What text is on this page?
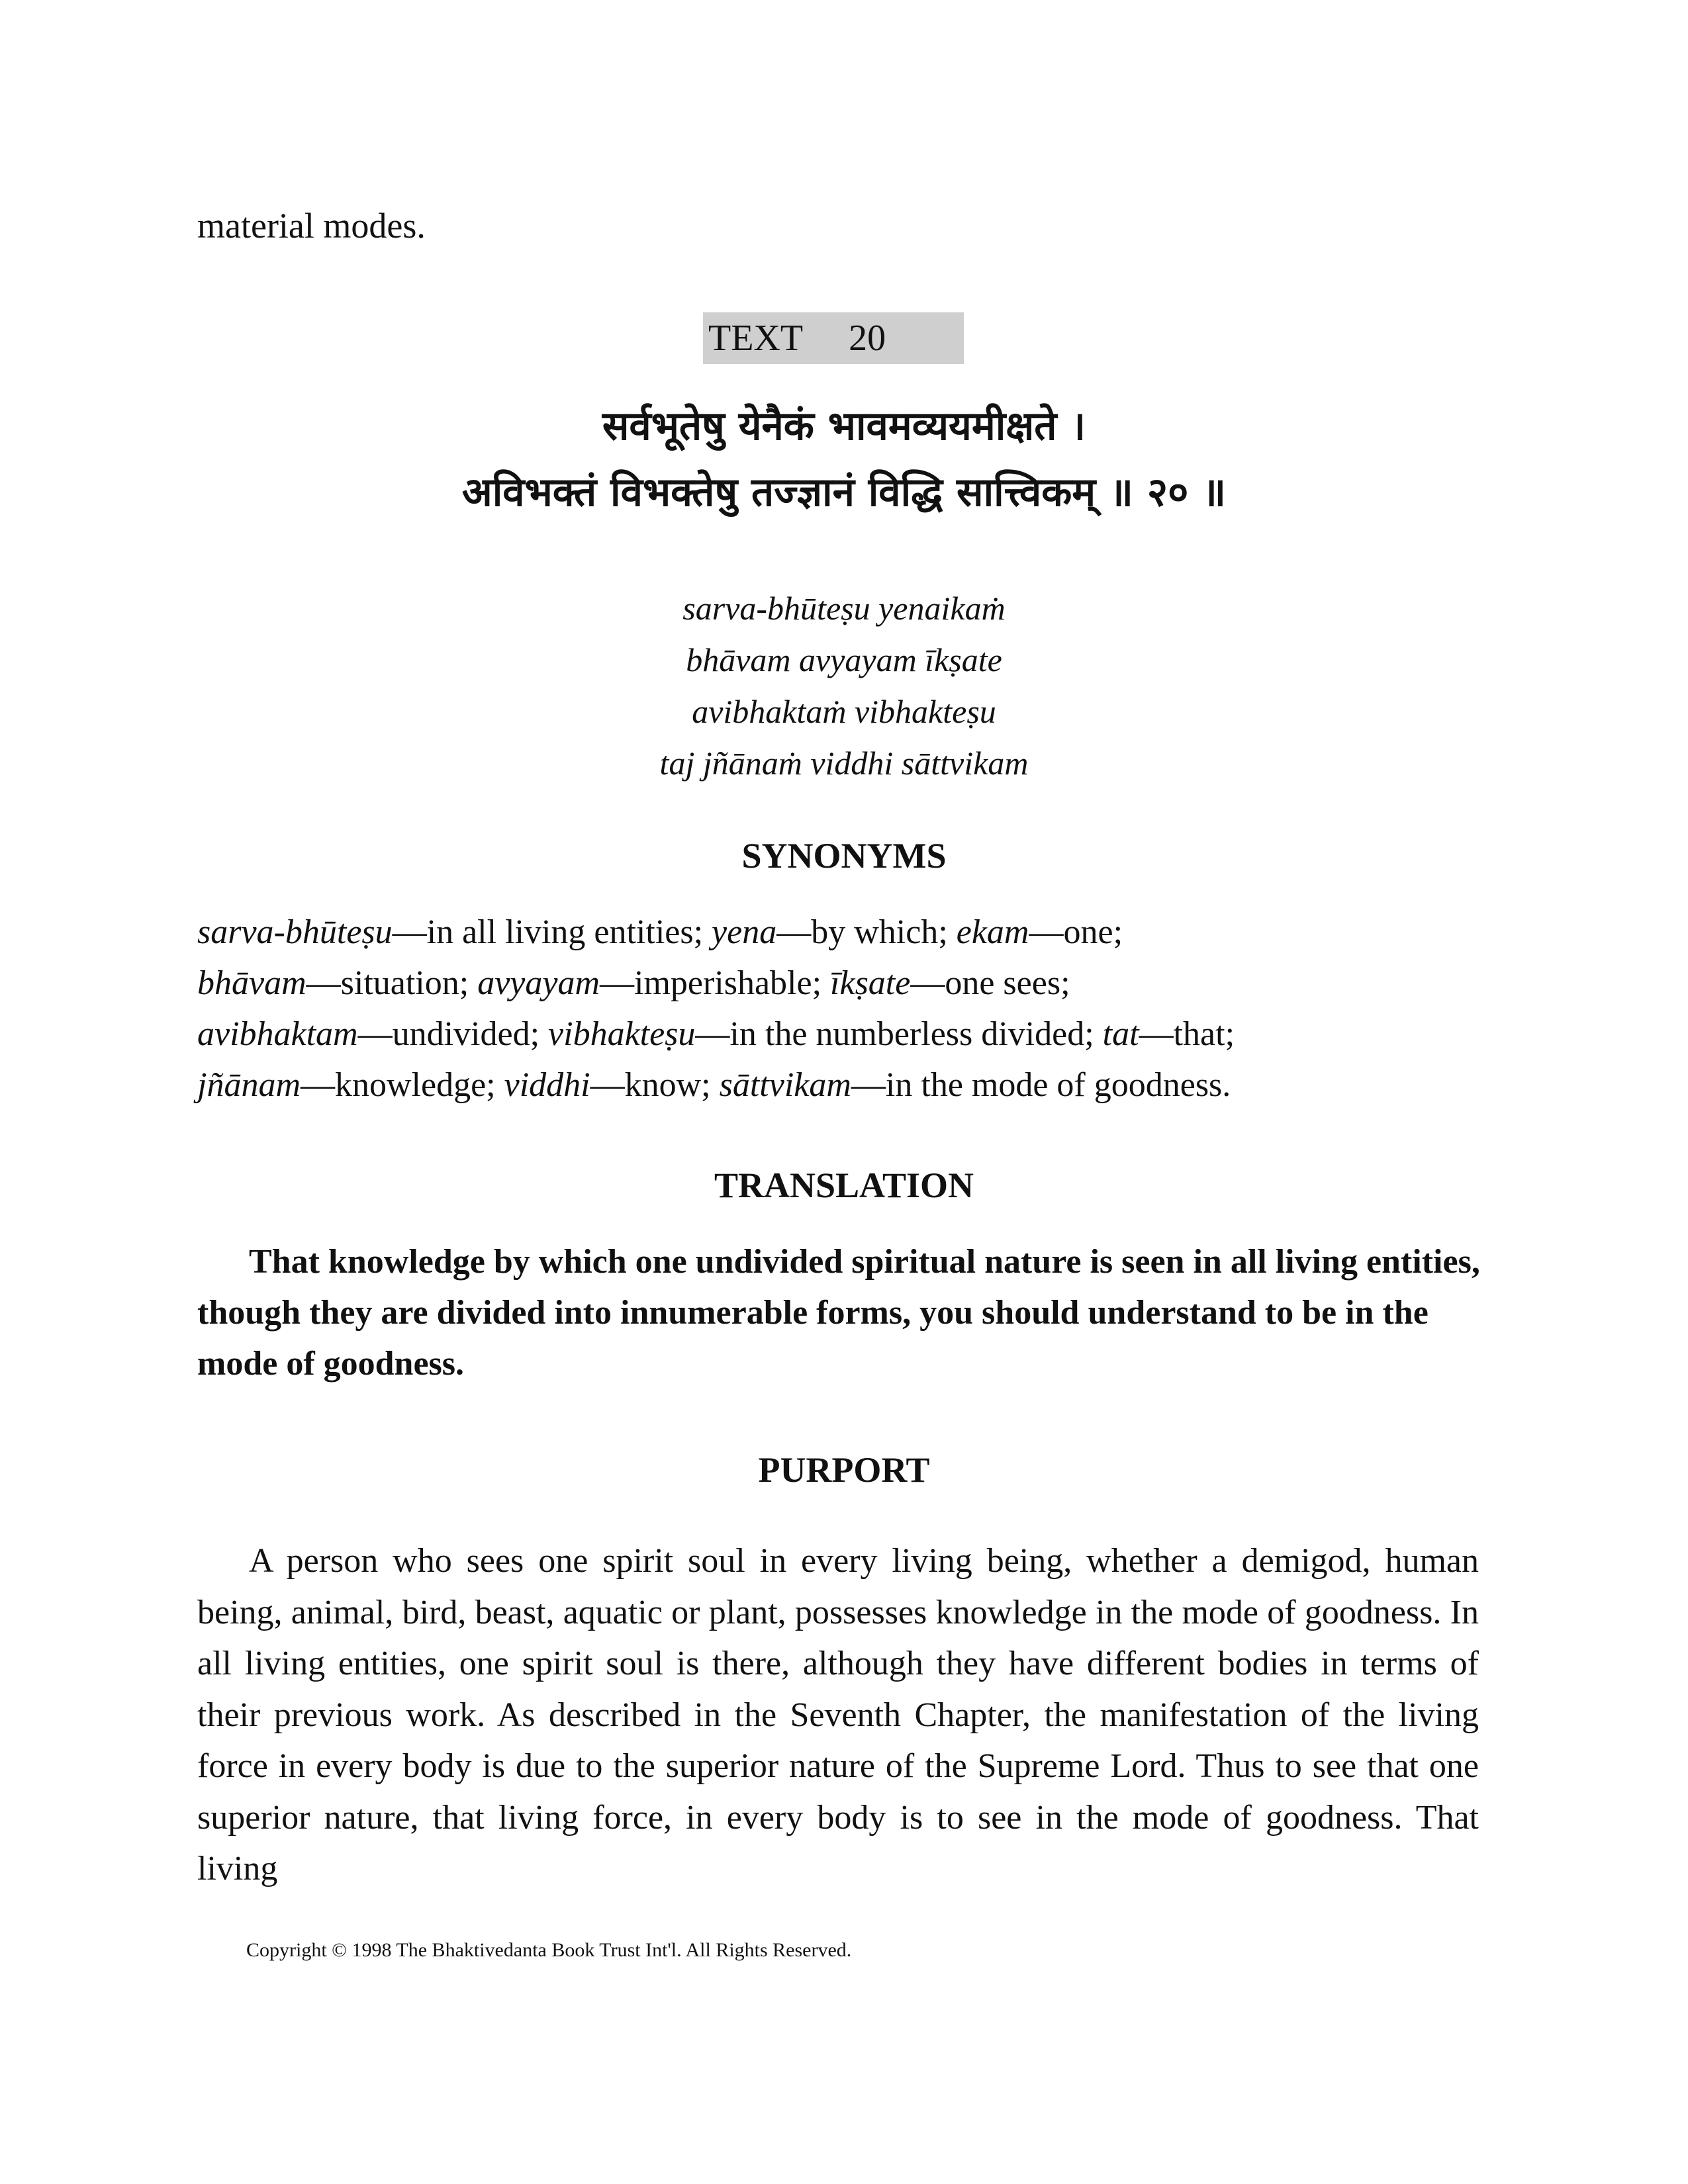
material modes.
TEXT 20
सर्वभूतेषु येनैकं भावमव्ययमीक्षते ।
अविभक्तं विभक्तेषु तज्ज्ञानं विद्धि सात्त्विकम् ॥ २० ॥
sarva-bhūteṣu yenaikaṁ
bhāvam avyayam īkṣate
avibhaktaṁ vibhakteṣu
taj jñānaṁ viddhi sāttvikam
SYNONYMS
sarva-bhūteṣu—in all living entities; yena—by which; ekam—one;
bhāvam—situation; avyayam—imperishable; īkṣate—one sees;
avibhaktam—undivided; vibhakteṣu—in the numberless divided; tat—that;
jñānam—knowledge; viddhi—know; sāttvikam—in the mode of goodness.
TRANSLATION
That knowledge by which one undivided spiritual nature is seen in all living entities, though they are divided into innumerable forms, you should understand to be in the mode of goodness.
PURPORT
A person who sees one spirit soul in every living being, whether a demigod, human being, animal, bird, beast, aquatic or plant, possesses knowledge in the mode of goodness. In all living entities, one spirit soul is there, although they have different bodies in terms of their previous work. As described in the Seventh Chapter, the manifestation of the living force in every body is due to the superior nature of the Supreme Lord. Thus to see that one superior nature, that living force, in every body is to see in the mode of goodness. That living
Copyright © 1998 The Bhaktivedanta Book Trust Int'l. All Rights Reserved.
